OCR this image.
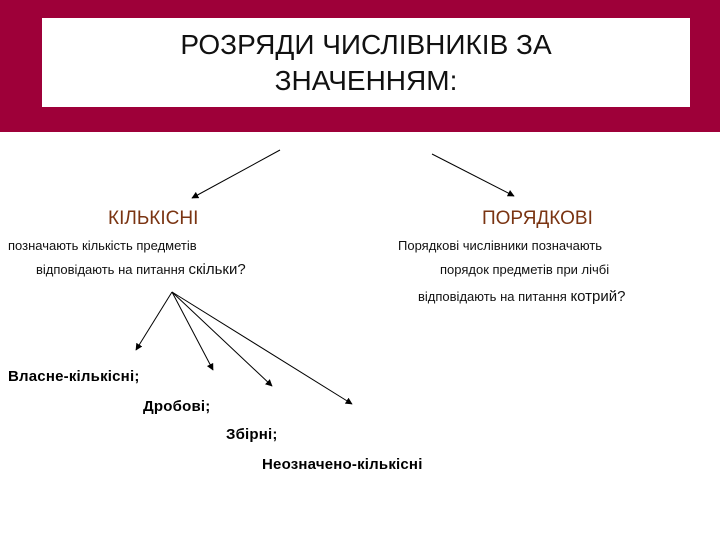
РОЗРЯДИ ЧИСЛІВНИКІВ ЗА ЗНАЧЕННЯМ:
КІЛЬКІСНІ	ПОРЯДКОВІ
позначають кількість предметів
відповідають на питання скільки?
Порядкові числівники позначають
порядок предметів при лічбі
відповідають на питання котрий?
Власне-кількісні;
Дробові;
Збірні;
Неозначено-кількісні
